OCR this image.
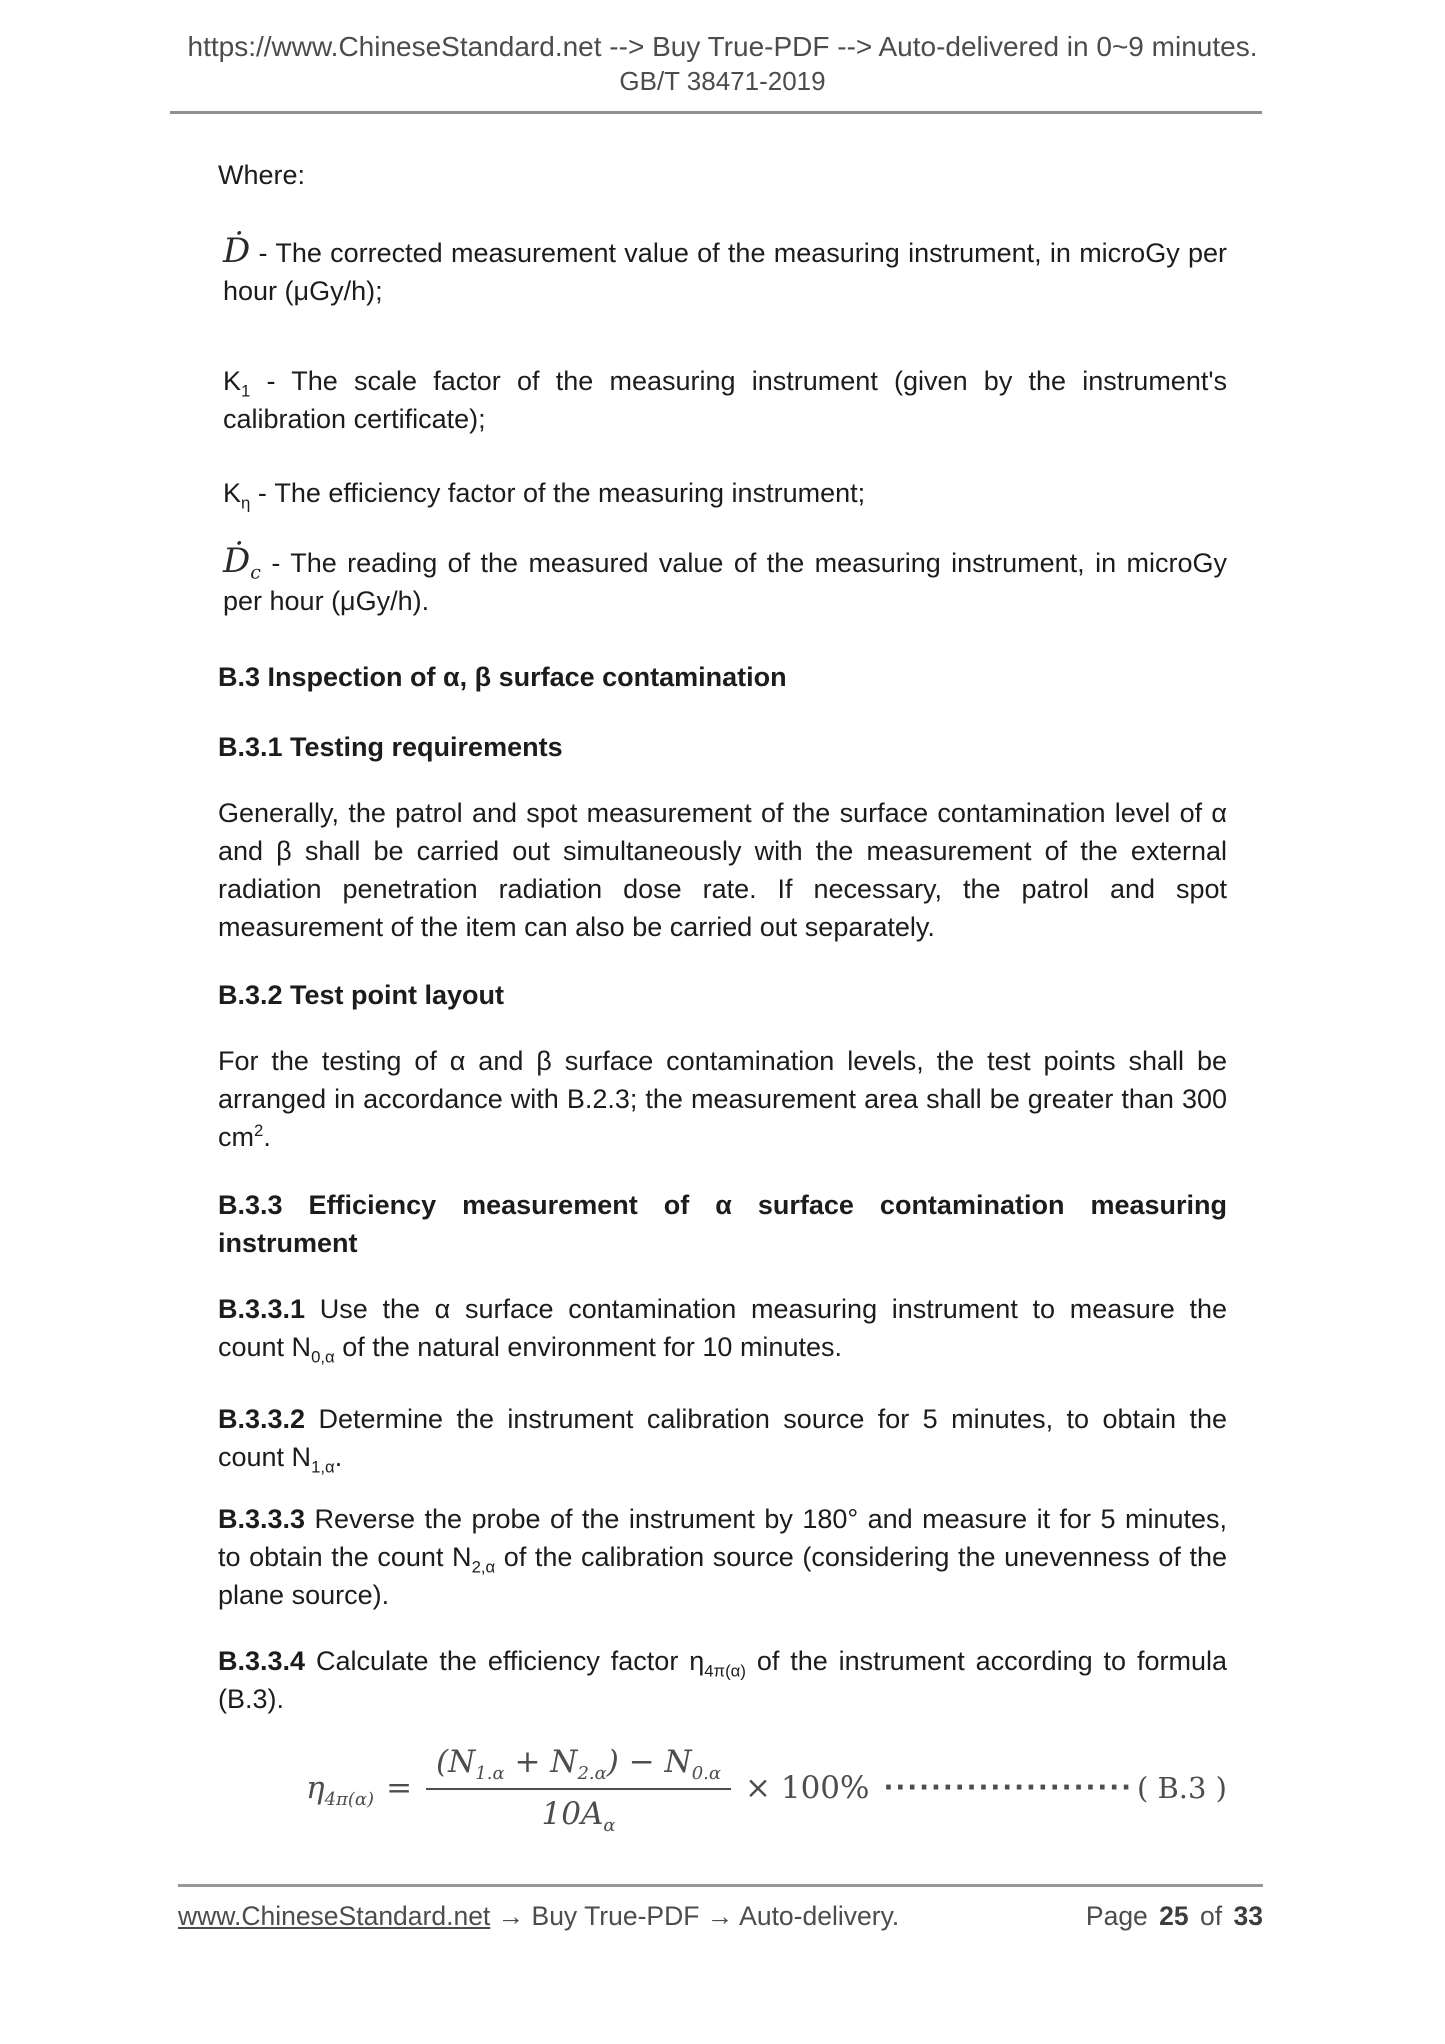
https://www.ChineseStandard.net --> Buy True-PDF --> Auto-delivered in 0~9 minutes.
GB/T 38471-2019

Where:

Ḋ - The corrected measurement value of the measuring instrument, in microGy per hour (μGy/h);

$K_1$ - The scale factor of the measuring instrument (given by the instrument's calibration certificate);

$K_\eta$ - The efficiency factor of the measuring instrument;

Ḋ$_c$ - The reading of the measured value of the measuring instrument, in microGy per hour (μGy/h).

B.3 Inspection of α, β surface contamination
B.3.1 Testing requirements

Generally, the patrol and spot measurement of the surface contamination level of α and β shall be carried out simultaneously with the measurement of the external radiation penetration radiation dose rate. If necessary, the patrol and spot measurement of the item can also be carried out separately.

B.3.2 Test point layout

For the testing of α and β surface contamination levels, the test points shall be arranged in accordance with B.2.3; the measurement area shall be greater than 300 $cm^2$.

B.3.3 Efficiency measurement of α surface contamination measuring instrument

B.3.3.1 Use the α surface contamination measuring instrument to measure the count $N_{0,\alpha}$ of the natural environment for 10 minutes.

B.3.3.2 Determine the instrument calibration source for 5 minutes, to obtain the count $N_{1,\alpha}$.

B.3.3.3 Reverse the probe of the instrument by 180° and measure it for 5 minutes, to obtain the count $N_{2,\alpha}$ of the calibration source (considering the unevenness of the plane source).

B.3.3.4 Calculate the efficiency factor $\eta_{4\pi(\alpha)}$ of the instrument according to formula (B.3).

$\eta_{4\pi(\alpha)} = \frac{(N_{1.\alpha} + N_{2.\alpha}) - N_{0.\alpha}}{10A_\alpha} \times 100\%$ ····················· ( B.3 )
www.ChineseStandard.net → Buy True-PDF → Auto-delivery.	Page 25 of 33
